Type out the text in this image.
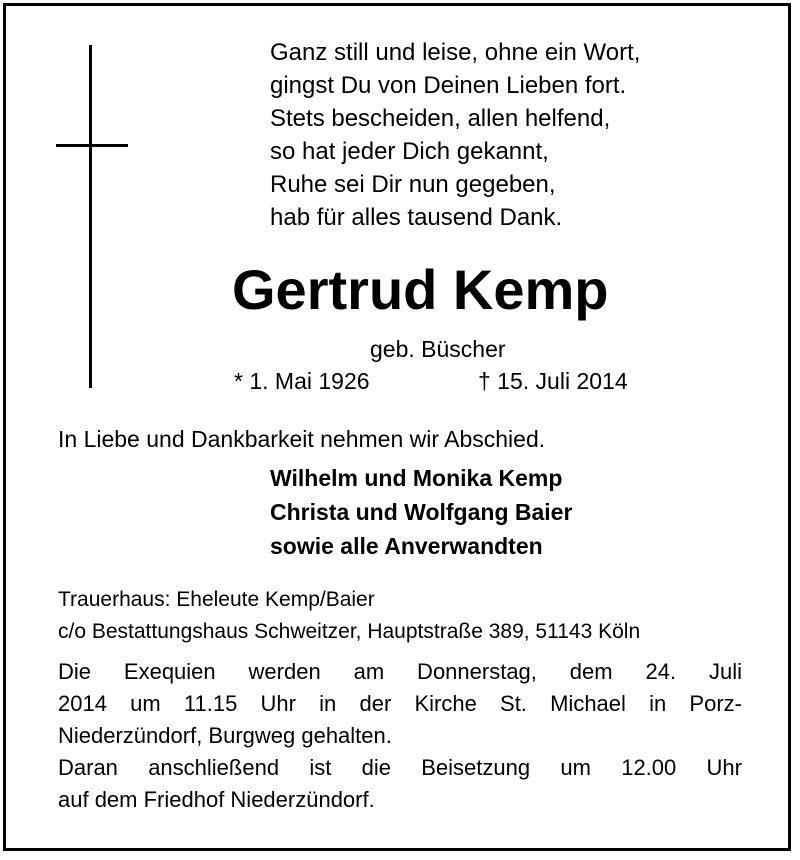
Ganz still und leise, ohne ein Wort,
gingst Du von Deinen Lieben fort.
Stets bescheiden, allen helfend,
so hat jeder Dich gekannt,
Ruhe sei Dir nun gegeben,
hab für alles tausend Dank.
Gertrud Kemp
geb. Büscher
* 1. Mai 1926	† 15. Juli 2014
In Liebe und Dankbarkeit nehmen wir Abschied.
Wilhelm und Monika Kemp
Christa und Wolfgang Baier
sowie alle Anverwandten
Trauerhaus: Eheleute Kemp/Baier
c/o Bestattungshaus Schweitzer, Hauptstraße 389, 51143 Köln
Die Exequien werden am Donnerstag, dem 24. Juli
2014 um 11.15 Uhr in der Kirche St. Michael in Porz-
Niederzündorf, Burgweg gehalten.
Daran anschließend ist die Beisetzung um 12.00 Uhr
auf dem Friedhof Niederzündorf.
